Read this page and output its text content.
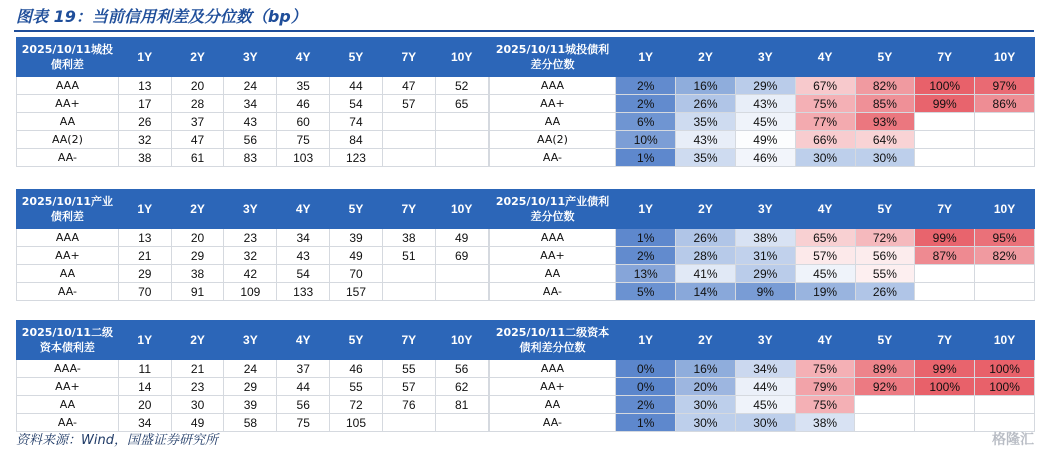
图表 19：当前信用利差及分位数（bp）
2025/10/11城投债利差	1Y	2Y	3Y	4Y	5Y	7Y	10Y
AAA	13	20	24	35	44	47	52
AA+	17	28	34	46	54	57	65
AA	26	37	43	60	74		
AA(2)	32	47	56	75	84		
AA-	38	61	83	103	123		
2025/10/11城投债利差分位数	1Y	2Y	3Y	4Y	5Y	7Y	10Y
AAA	2%	16%	29%	67%	82%	100%	97%
AA+	2%	26%	43%	75%	85%	99%	86%
AA	6%	35%	45%	77%	93%		
AA(2)	10%	43%	49%	66%	64%		
AA-	1%	35%	46%	30%	30%		
2025/10/11产业债利差	1Y	2Y	3Y	4Y	5Y	7Y	10Y
AAA	13	20	23	34	39	38	49
AA+	21	29	32	43	49	51	69
AA	29	38	42	54	70		
AA-	70	91	109	133	157		
2025/10/11产业债利差分位数	1Y	2Y	3Y	4Y	5Y	7Y	10Y
AAA	1%	26%	38%	65%	72%	99%	95%
AA+	2%	28%	31%	57%	56%	87%	82%
AA	13%	41%	29%	45%	55%		
AA-	5%	14%	9%	19%	26%		
2025/10/11二级资本债利差	1Y	2Y	3Y	4Y	5Y	7Y	10Y
AAA-	11	21	24	37	46	55	56
AA+	14	23	29	44	55	57	62
AA	20	30	39	56	72	76	81
AA-	34	49	58	75	105		
2025/10/11二级资本债利差分位数	1Y	2Y	3Y	4Y	5Y	7Y	10Y
AAA	0%	16%	34%	75%	89%	99%	100%
AA+	0%	20%	44%	79%	92%	100%	100%
AA	2%	30%	45%	75%			
AA-	1%	30%	30%	38%			
资料来源：Wind，国盛证券研究所	格隆汇
